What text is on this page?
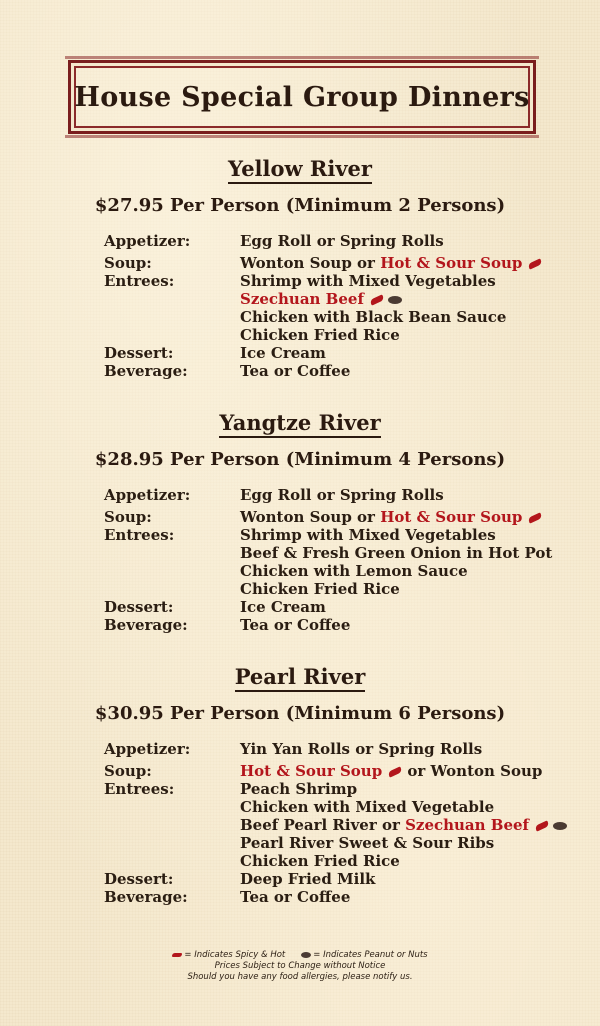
House Special Group Dinners
Yellow River
$27.95 Per Person (Minimum 2 Persons)
Appetizer:	Egg Roll or Spring Rolls
Soup:	Wonton Soup or Hot & Sour Soup
Entrees:	Shrimp with Mixed Vegetables
Szechuan Beef
Chicken with Black Bean Sauce
Chicken Fried Rice
Dessert:	Ice Cream
Beverage:	Tea or Coffee
Yangtze River
$28.95 Per Person (Minimum 4 Persons)
Appetizer:	Egg Roll or Spring Rolls
Soup:	Wonton Soup or Hot & Sour Soup
Entrees:	Shrimp with Mixed Vegetables
Beef & Fresh Green Onion in Hot Pot
Chicken with Lemon Sauce
Chicken Fried Rice
Dessert:	Ice Cream
Beverage:	Tea or Coffee
Pearl River
$30.95 Per Person (Minimum 6 Persons)
Appetizer:	Yin Yan Rolls or Spring Rolls
Soup:	Hot & Sour Soup or Wonton Soup
Entrees:	Peach Shrimp
Chicken with Mixed Vegetable
Beef Pearl River or Szechuan Beef
Pearl River Sweet & Sour Ribs
Chicken Fried Rice
Dessert:	Deep Fried Milk
Beverage:	Tea or Coffee
= Indicates Spicy & Hot	= Indicates Peanut or Nuts
Prices Subject to Change without Notice
Should you have any food allergies, please notify us.
